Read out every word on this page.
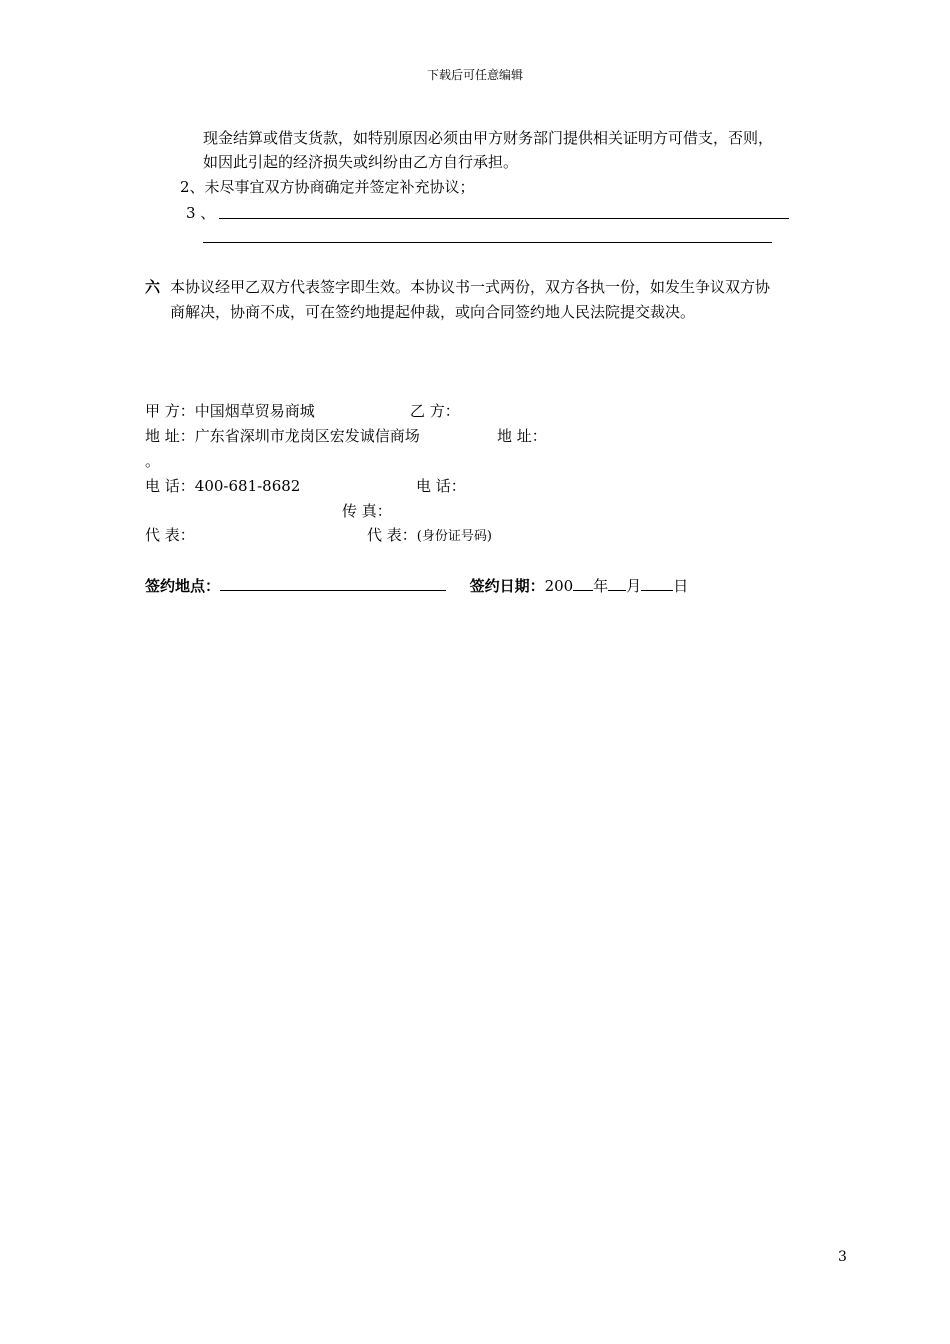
下载后可任意编辑
现金结算或借支货款，如特别原因必须由甲方财务部门提供相关证明方可借支，否则，
如因此引起的经济损失或纠纷由乙方自行承担。
2、未尽事宜双方协商确定并签定补充协议；
3 、
六 本协议经甲乙双方代表签字即生效。本协议书一式两份，双方各执一份，如发生争议双方协
商解决，协商不成，可在签约地提起仲裁，或向合同签约地人民法院提交裁决。
甲 方：中国烟草贸易商城	乙 方：
地 址：广东省深圳市龙岗区宏发诚信商场	地 址：
。
电 话：400-681-8682	电 话：
传 真：
代 表：	代 表：(身份证号码)
签约地点：	签约日期：200 年 月 日
3
